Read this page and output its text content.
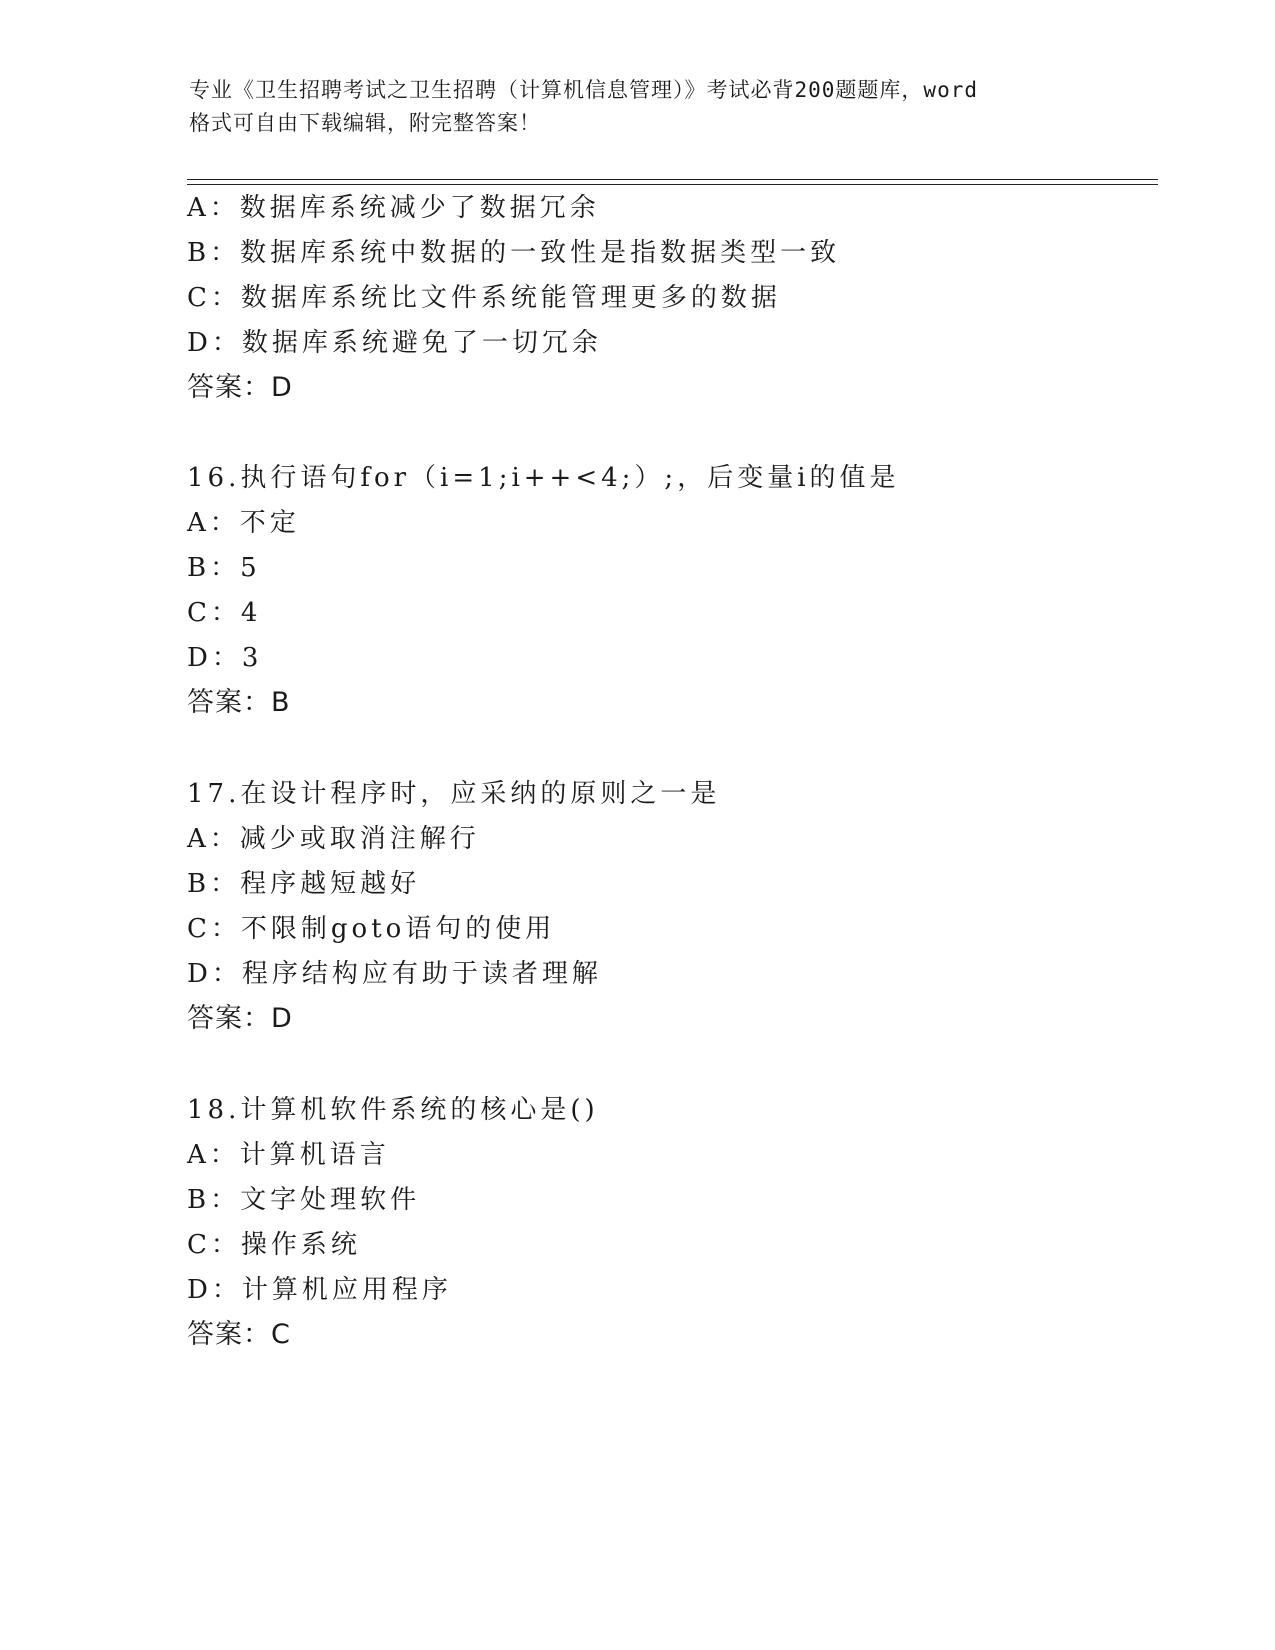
专业《卫生招聘考试之卫生招聘（计算机信息管理）》考试必背200题题库，word
格式可自由下载编辑，附完整答案！
A：数据库系统减少了数据冗余
B：数据库系统中数据的一致性是指数据类型一致
C：数据库系统比文件系统能管理更多的数据
D：数据库系统避免了一切冗余
答案：D
16.执行语句for（i=1;i++<4;）;，后变量i的值是
A：不定
B：5
C：4
D：3
答案：B
17.在设计程序时，应采纳的原则之一是
A：减少或取消注解行
B：程序越短越好
C：不限制goto语句的使用
D：程序结构应有助于读者理解
答案：D
18.计算机软件系统的核心是()
A：计算机语言
B：文字处理软件
C：操作系统
D：计算机应用程序
答案：C
